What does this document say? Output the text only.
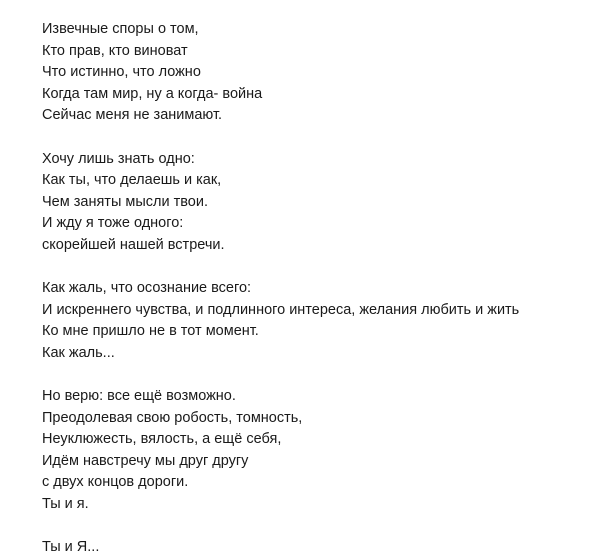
Извечные споры о том,
Кто прав, кто виноват
Что истинно, что ложно
Когда там мир, ну а когда- война
Сейчас меня не занимают.
Хочу лишь знать одно:
Как ты, что делаешь и как,
Чем заняты мысли твои.
И жду я тоже одного:
скорейшей нашей встречи.
Как жаль, что осознание всего:
И искреннего чувства, и подлинного интереса, желания любить и жить
Ко мне пришло не в тот момент.
Как жаль...
Но верю: все ещё возможно.
Преодолевая свою робость, томность,
Неуклюжесть, вялость, а ещё себя,
Идём навстречу мы друг другу
с двух концов дороги.
Ты и я.
Ты и Я...
